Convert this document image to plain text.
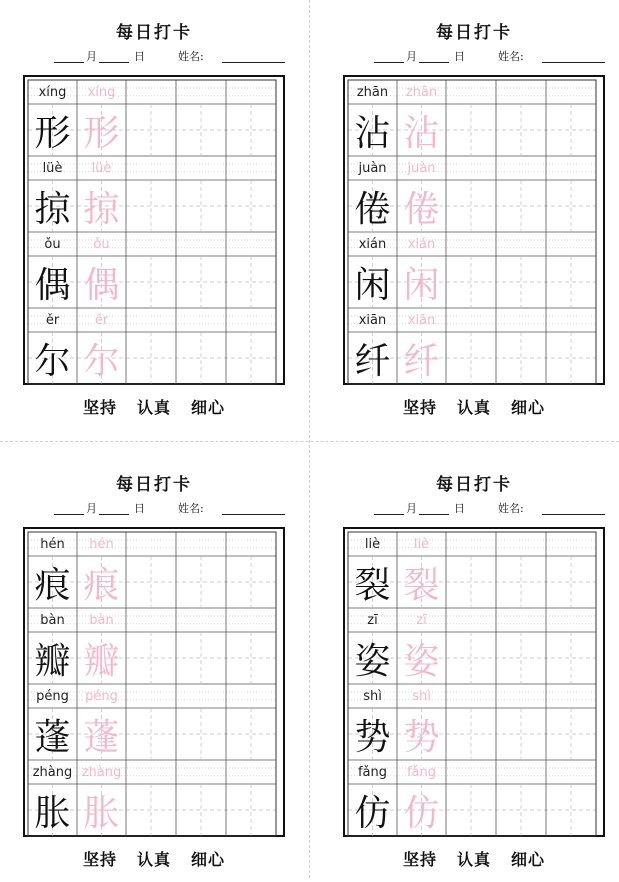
每日打卡
月	日	姓名:
xíng	xíng
形 形
lüè	lüè
掠 掠
ǒu	ǒu
偶 偶
ěr	ěr
尔 尔
坚持 认真 细心
每日打卡
月	日	姓名:
zhān	zhān
沾 沾
juàn	juàn
倦 倦
xián	xián
闲 闲
xiān	xiān
纤 纤
坚持 认真 细心
每日打卡
月	日	姓名:
hén	hén
痕 痕
bàn	bàn
瓣 瓣
péng	péng
蓬 蓬
zhàng zhàng
胀 胀
坚持 认真 细心
每日打卡
月	日	姓名:
liè	liè
裂 裂
zī	zī
姿 姿
shì	shì
势 势
fǎng	fǎng
仿 仿
坚持 认真 细心
